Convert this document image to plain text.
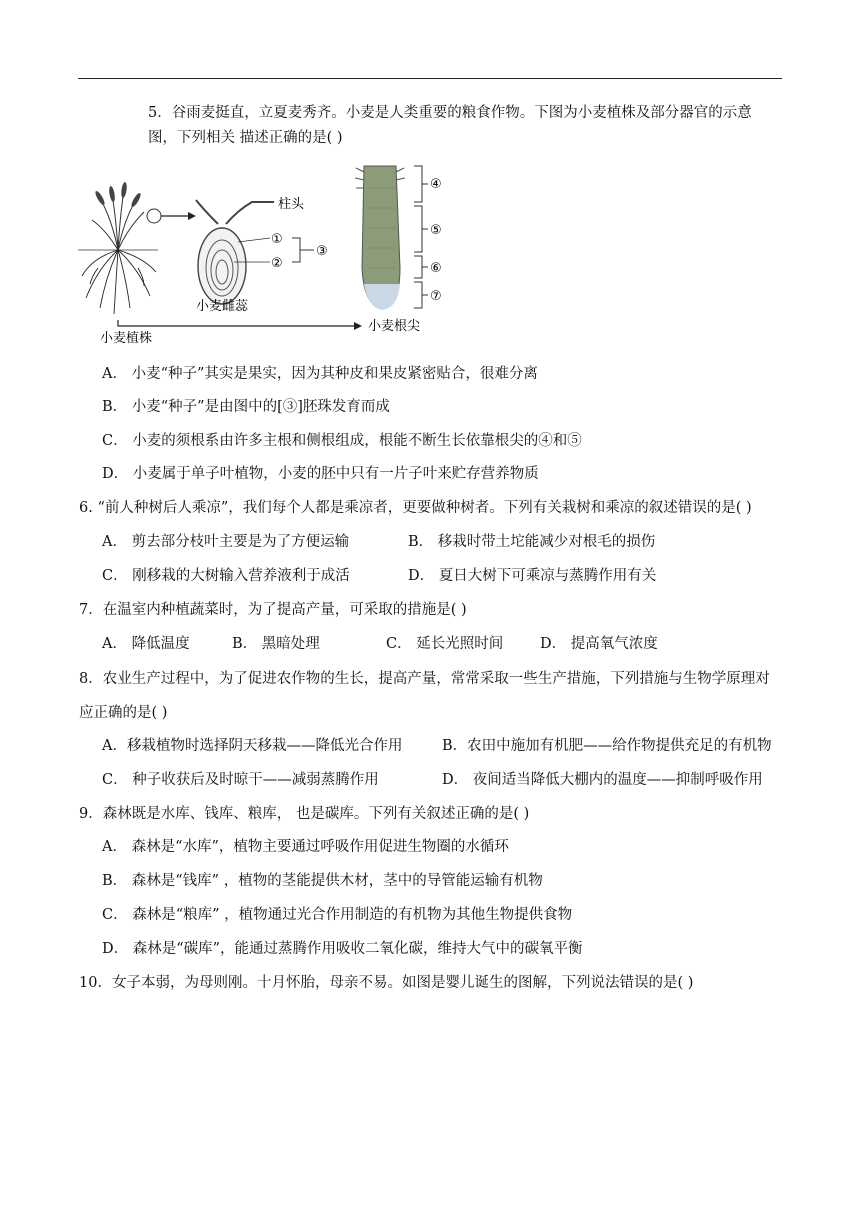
5．谷雨麦挺直，立夏麦秀齐。小麦是人类重要的粮食作物。下图为小麦植株及部分器官的示意
图，下列相关 描述正确的是( )
柱头
①
②
③
小麦雌蕊
小麦植株
小麦根尖
④
⑤
⑥
⑦
A． 小麦“种子”其实是果实，因为其种皮和果皮紧密贴合，很难分离
B． 小麦“种子”是由图中的[③]胚珠发育而成
C． 小麦的须根系由许多主根和侧根组成，根能不断生长依靠根尖的④和⑤
D． 小麦属于单子叶植物，小麦的胚中只有一片子叶来贮存营养物质
6. “前人种树后人乘凉”，我们每个人都是乘凉者，更要做种树者。下列有关栽树和乘凉的叙述错误的是( )
A． 剪去部分枝叶主要是为了方便运输	B． 移栽时带土坨能减少对根毛的损伤
C． 刚移栽的大树输入营养液利于成活	D． 夏日大树下可乘凉与蒸腾作用有关
7．在温室内种植蔬菜时，为了提高产量，可采取的措施是( )
A． 降低温度	B． 黑暗处理	C． 延长光照时间	D． 提高氧气浓度
8．农业生产过程中，为了促进农作物的生长，提高产量，常常采取一些生产措施，下列措施与生物学原理对
应正确的是( )
A．移栽植物时选择阴天移栽——降低光合作用	B．农田中施加有机肥——给作物提供充足的有机物
C． 种子收获后及时晾干——减弱蒸腾作用	D． 夜间适当降低大棚内的温度——抑制呼吸作用
9．森林既是水库、钱库、粮库， 也是碳库。下列有关叙述正确的是( )
A． 森林是“水库”，植物主要通过呼吸作用促进生物圈的水循环
B． 森林是“钱库” ，植物的茎能提供木材，茎中的导管能运输有机物
C． 森林是“粮库” ，植物通过光合作用制造的有机物为其他生物提供食物
D． 森林是“碳库”，能通过蒸腾作用吸收二氧化碳，维持大气中的碳氧平衡
10．女子本弱，为母则刚。十月怀胎，母亲不易。如图是婴儿诞生的图解，下列说法错误的是( )
